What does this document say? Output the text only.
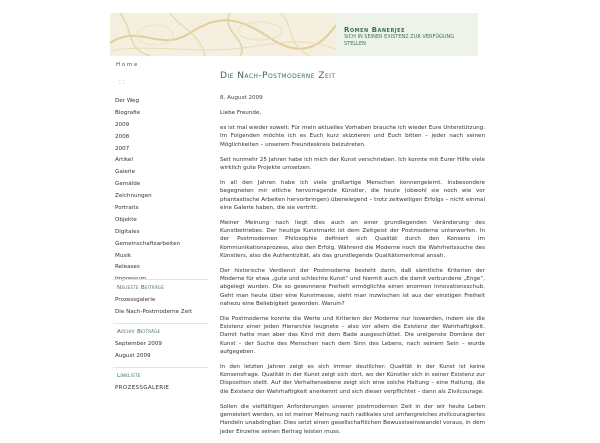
Romen Banerjee
SICH IN SEINER EXISTENZ ZUR VERFÜGUNG STELLEN
Home
⁚⁚
Der Weg
Biografie
2009
2008
2007
Artikel
Galerie
Gemälde
Zeichnungen
Portraits
Objekte
Digitales
Gemeinschaftsarbeiten
Musik
Releases
Impressum
Neueste Beiträge
Prozessgalerie
Die Nach-Postmoderne Zeit
Archiv Beiträge
September 2009
August 2009
Linkliste
PROZESSGALERIE
Die Nach-Postmoderne Zeit
8. August 2009

Liebe Freunde,

es ist mal wieder soweit: Für mein aktuelles Vorhaben brauche ich wieder Eure Unterstützung. Im Folgenden möchte ich es Euch kurz skizzieren und Euch bitten – jeder nach seinen Möglichkeiten – unserem Freundeskreis beizutreten.

Seit nunmehr 25 Jahren habe ich mich der Kunst verschrieben. Ich konnte mit Eurer Hilfe viele wirklich gute Projekte umsetzen.

In all den Jahren habe ich viele großartige Menschen kennengelernt. Insbesondere begegneten mir etliche hervorragende Künstler, die heute (obwohl sie noch wie vor phantastische Arbeiten hervorbringen) überwiegend – trotz zeitweiligen Erfolgs – nicht einmal eine Galerie haben, die sie vertritt.

Meiner Meinung nach liegt dies auch an einer grundlegenden Veränderung des Kunstbetriebes. Der heutige Kunstmarkt ist dem Zeitgeist der Postmoderne unterworfen. In der Postmodernen Philosophie definiert sich Qualität durch den Konsens im Kommunikationsprozess, also den Erfolg. Während die Moderne noch die Wahrheitssuche des Künstlers, also die Authentizität, als das grundlegende Qualitätsmerkmal ansah.

Der historische Verdienst der Postmoderne besteht darin, daß sämtliche Kriterien der Moderne für etwa „gute und schlechte Kunst“ und hiermit auch die damit verbundene „Enge“, abgelegt wurden. Die so gewonnene Freiheit ermöglichte einen enormen Innovationsschub. Geht man heute über eine Kunstmesse, sieht man inzwischen ist aus der einstigen Freiheit nahezu eine Beliebigkeit geworden. Warum?

Die Postmoderne konnte die Werte und Kriterien der Moderne nur loswerden, indem sie die Existenz einer jeden Hierarchie leugnete – also vor allem die Existenz der Wahrhaftigkeit. Damit hatte man aber das Kind mit dem Bade ausgeschüttet. Die ureigenste Domäne der Kunst – der Suche des Menschen nach dem Sinn des Lebens, nach seinem Sein – wurde aufgegeben.

In den letzten Jahren zeigt es sich immer deutlicher: Qualität in der Kunst ist keine Konsensfrage. Qualität in der Kunst zeigt sich dort, wo der Künstler sich in seiner Existenz zur Disposition stellt. Auf der Verhaltensebene zeigt sich eine solche Haltung – eine Haltung, die die Existenz der Wahrhaftigkeit anerkennt und sich dieser verpflichtet – dann als Zivilcourage.

Sollen die vielfältigen Anforderungen unserer postmodernen Zeit in der wir heute Leben gemeistert werden, so ist meiner Meinung nach radikales und umfangreiches zivilcouragiertes Handeln unabdingbar. Dies setzt einen gesellschaftlichen Bewusstseinswandel voraus, in dem jeder Einzelne seinen Beitrag leisten muss.
